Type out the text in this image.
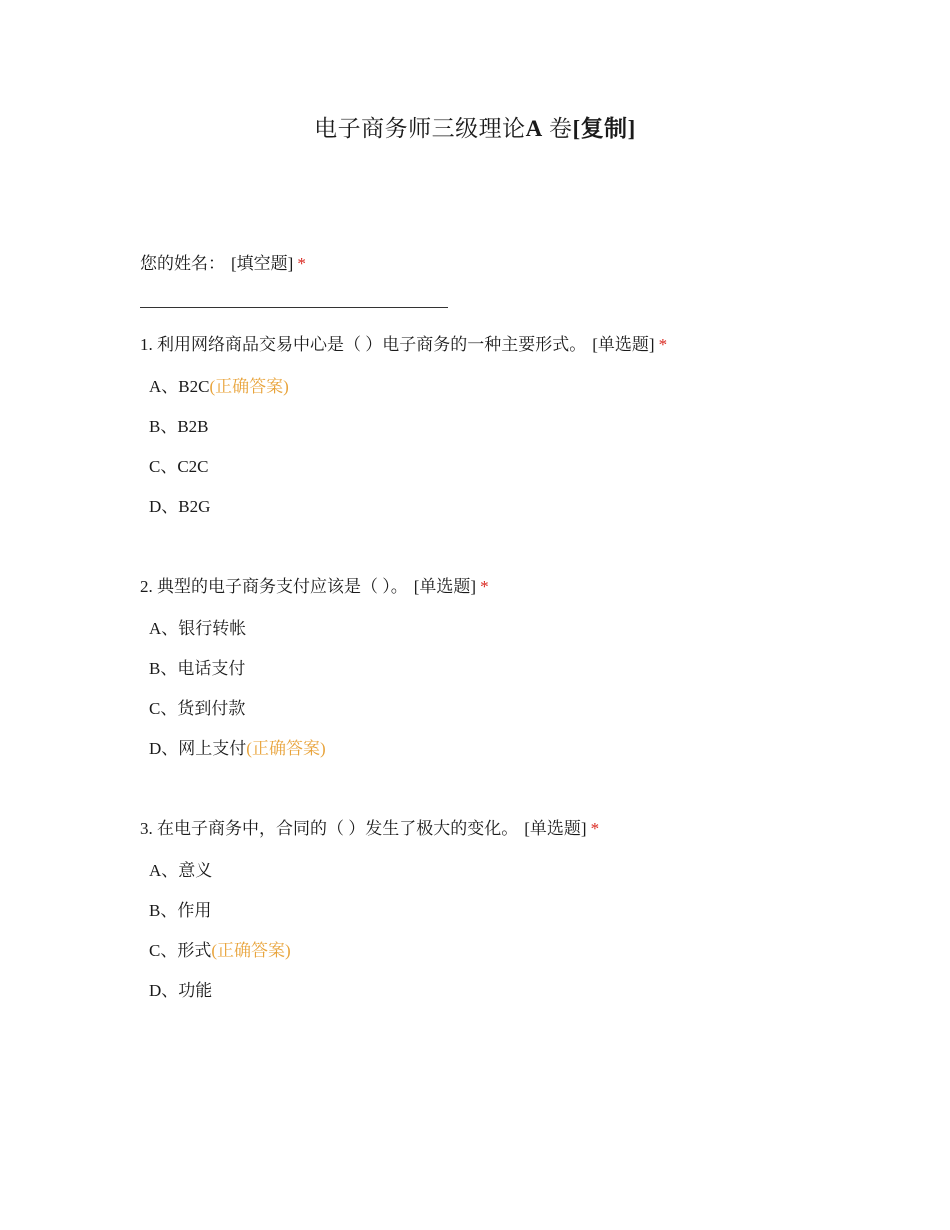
电子商务师三级理论A 卷[复制]
您的姓名： [填空题] *
1. 利用网络商品交易中心是（ ）电子商务的一种主要形式。 [单选题] *
A、B2C (正确答案)
B、B2B
C、C2C
D、B2G
2. 典型的电子商务支付应该是（ ）。 [单选题] *
A、银行转帐
B、电话支付
C、货到付款
D、网上支付 (正确答案)
3. 在电子商务中，合同的（ ）发生了极大的变化。 [单选题] *
A、意义
B、作用
C、形式 (正确答案)
D、功能
